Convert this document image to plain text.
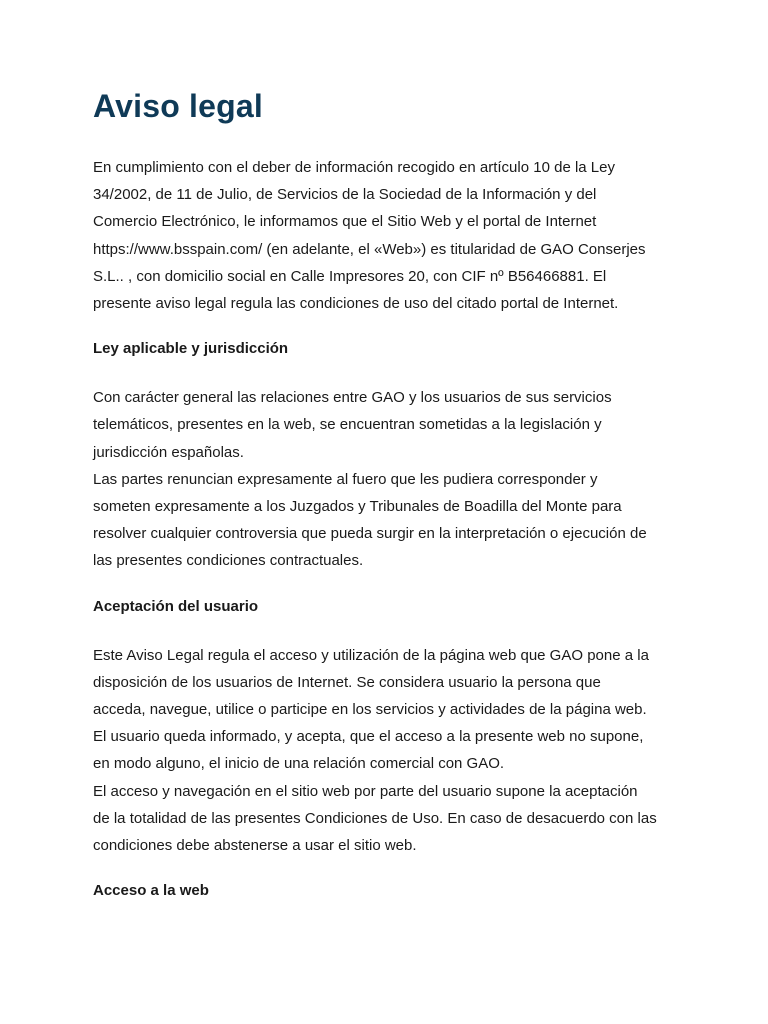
Aviso legal

En cumplimiento con el deber de información recogido en artículo 10 de la Ley
34/2002, de 11 de Julio, de Servicios de la Sociedad de la Información y del
Comercio Electrónico, le informamos que el Sitio Web y el portal de Internet
https://www.bsspain.com/ (en adelante, el «Web») es titularidad de GAO Conserjes
S.L.. , con domicilio social en Calle Impresores 20, con CIF nº B56466881. El
presente aviso legal regula las condiciones de uso del citado portal de Internet.

Ley aplicable y jurisdicción

Con carácter general las relaciones entre GAO y los usuarios de sus servicios
telemáticos, presentes en la web, se encuentran sometidas a la legislación y
jurisdicción españolas.
Las partes renuncian expresamente al fuero que les pudiera corresponder y
someten expresamente a los Juzgados y Tribunales de Boadilla del Monte para
resolver cualquier controversia que pueda surgir en la interpretación o ejecución de
las presentes condiciones contractuales.

Aceptación del usuario

Este Aviso Legal regula el acceso y utilización de la página web que GAO pone a la
disposición de los usuarios de Internet. Se considera usuario la persona que
acceda, navegue, utilice o participe en los servicios y actividades de la página web.
El usuario queda informado, y acepta, que el acceso a la presente web no supone,
en modo alguno, el inicio de una relación comercial con GAO.
El acceso y navegación en el sitio web por parte del usuario supone la aceptación
de la totalidad de las presentes Condiciones de Uso. En caso de desacuerdo con las
condiciones debe abstenerse a usar el sitio web.

Acceso a la web
